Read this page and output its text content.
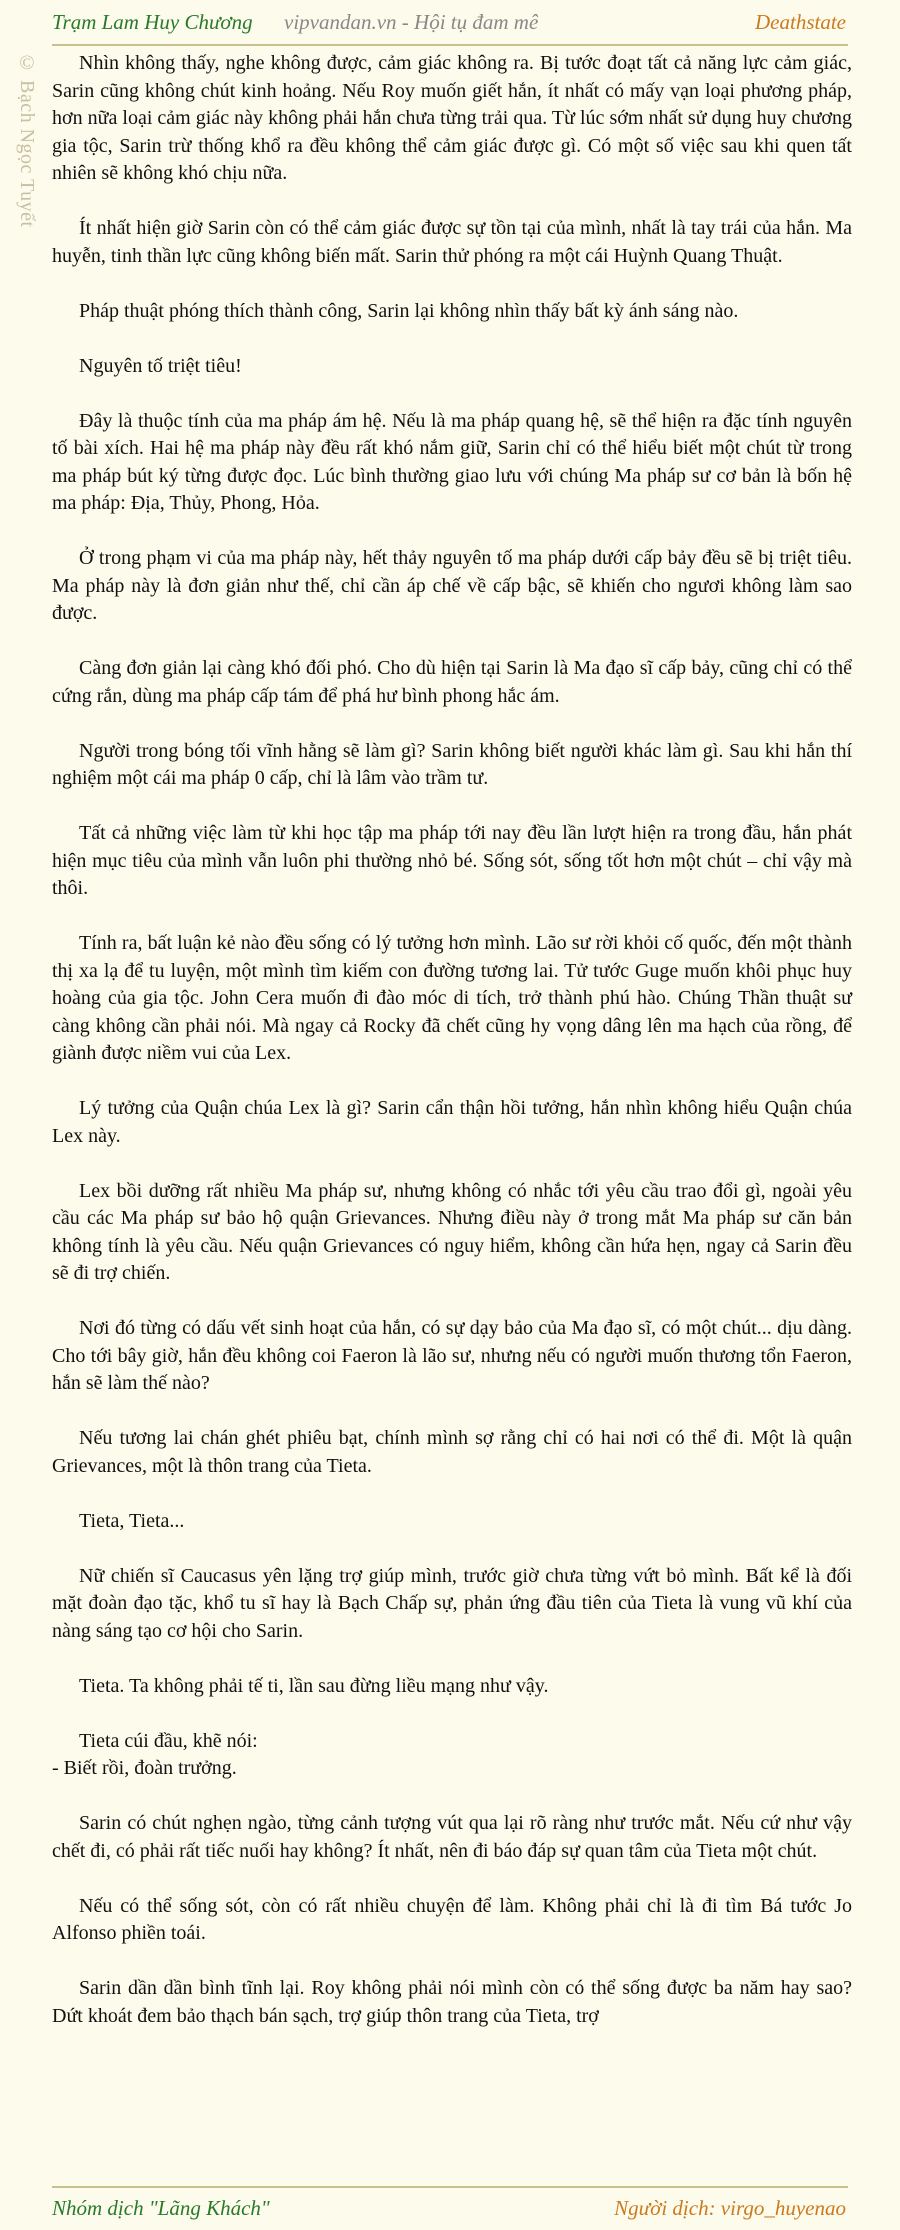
Trạm Lam Huy Chương vipvandan.vn - Hội tụ đam mê	Deathstate
© Bạch Ngọc Tuyết	Nhìn không thấy, nghe không được, cảm giác không ra. Bị tước đoạt tất cả năng lực cảm giác, Sarin cũng không chút kinh hoảng. Nếu Roy muốn giết hắn, ít nhất có mấy vạn loại phương pháp, hơn nữa loại cảm giác này không phải hắn chưa từng trải qua. Từ lúc sớm nhất sử dụng huy chương gia tộc, Sarin trừ thống khổ ra đều không thể cảm giác được gì. Có một số việc sau khi quen tất nhiên sẽ không khó chịu nữa.

Ít nhất hiện giờ Sarin còn có thể cảm giác được sự tồn tại của mình, nhất là tay trái của hắn. Ma huyễn, tinh thần lực cũng không biến mất. Sarin thử phóng ra một cái Huỳnh Quang Thuật.

Pháp thuật phóng thích thành công, Sarin lại không nhìn thấy bất kỳ ánh sáng nào.

Nguyên tố triệt tiêu!

Đây là thuộc tính của ma pháp ám hệ. Nếu là ma pháp quang hệ, sẽ thể hiện ra đặc tính nguyên tố bài xích. Hai hệ ma pháp này đều rất khó nắm giữ, Sarin chỉ có thể hiểu biết một chút từ trong ma pháp bút ký từng được đọc. Lúc bình thường giao lưu với chúng Ma pháp sư cơ bản là bốn hệ ma pháp: Địa, Thủy, Phong, Hỏa.

Ở trong phạm vi của ma pháp này, hết thảy nguyên tố ma pháp dưới cấp bảy đều sẽ bị triệt tiêu. Ma pháp này là đơn giản như thế, chỉ cần áp chế về cấp bậc, sẽ khiến cho ngươi không làm sao được.

Càng đơn giản lại càng khó đối phó. Cho dù hiện tại Sarin là Ma đạo sĩ cấp bảy, cũng chỉ có thể cứng rắn, dùng ma pháp cấp tám để phá hư bình phong hắc ám.

Người trong bóng tối vĩnh hằng sẽ làm gì? Sarin không biết người khác làm gì. Sau khi hắn thí nghiệm một cái ma pháp 0 cấp, chỉ là lâm vào trầm tư.

Tất cả những việc làm từ khi học tập ma pháp tới nay đều lần lượt hiện ra trong đầu, hắn phát hiện mục tiêu của mình vẫn luôn phi thường nhỏ bé. Sống sót, sống tốt hơn một chút – chỉ vậy mà thôi.

Tính ra, bất luận kẻ nào đều sống có lý tưởng hơn mình. Lão sư rời khỏi cố quốc, đến một thành thị xa lạ để tu luyện, một mình tìm kiếm con đường tương lai. Tử tước Guge muốn khôi phục huy hoàng của gia tộc. John Cera muốn đi đào móc di tích, trở thành phú hào. Chúng Thần thuật sư càng không cần phải nói. Mà ngay cả Rocky đã chết cũng hy vọng dâng lên ma hạch của rồng, để giành được niềm vui của Lex.

Lý tưởng của Quận chúa Lex là gì? Sarin cẩn thận hồi tưởng, hắn nhìn không hiểu Quận chúa Lex này.

Lex bồi dưỡng rất nhiều Ma pháp sư, nhưng không có nhắc tới yêu cầu trao đổi gì, ngoài yêu cầu các Ma pháp sư bảo hộ quận Grievances. Nhưng điều này ở trong mắt Ma pháp sư căn bản không tính là yêu cầu. Nếu quận Grievances có nguy hiểm, không cần hứa hẹn, ngay cả Sarin đều sẽ đi trợ chiến.

Nơi đó từng có dấu vết sinh hoạt của hắn, có sự dạy bảo của Ma đạo sĩ, có một chút... dịu dàng. Cho tới bây giờ, hắn đều không coi Faeron là lão sư, nhưng nếu có người muốn thương tổn Faeron, hắn sẽ làm thế nào?

Nếu tương lai chán ghét phiêu bạt, chính mình sợ rằng chỉ có hai nơi có thể đi. Một là quận Grievances, một là thôn trang của Tieta.

Tieta, Tieta...

Nữ chiến sĩ Caucasus yên lặng trợ giúp mình, trước giờ chưa từng vứt bỏ mình. Bất kể là đối mặt đoàn đạo tặc, khổ tu sĩ hay là Bạch Chấp sự, phản ứng đầu tiên của Tieta là vung vũ khí của nàng sáng tạo cơ hội cho Sarin.

Tieta. Ta không phải tế ti, lần sau đừng liều mạng như vậy.

Tieta cúi đầu, khẽ nói:

- Biết rồi, đoàn trưởng.

Sarin có chút nghẹn ngào, từng cảnh tượng vút qua lại rõ ràng như trước mắt. Nếu cứ như vậy chết đi, có phải rất tiếc nuối hay không? Ít nhất, nên đi báo đáp sự quan tâm của Tieta một chút.

Nếu có thể sống sót, còn có rất nhiều chuyện để làm. Không phải chỉ là đi tìm Bá tước Jo Alfonso phiền toái.

Sarin dần dần bình tĩnh lại. Roy không phải nói mình còn có thể sống được ba năm hay sao? Dứt khoát đem bảo thạch bán sạch, trợ giúp thôn trang của Tieta, trợ

Nhóm dịch "Lãng Khách"	Người dịch: virgo_huyenao
